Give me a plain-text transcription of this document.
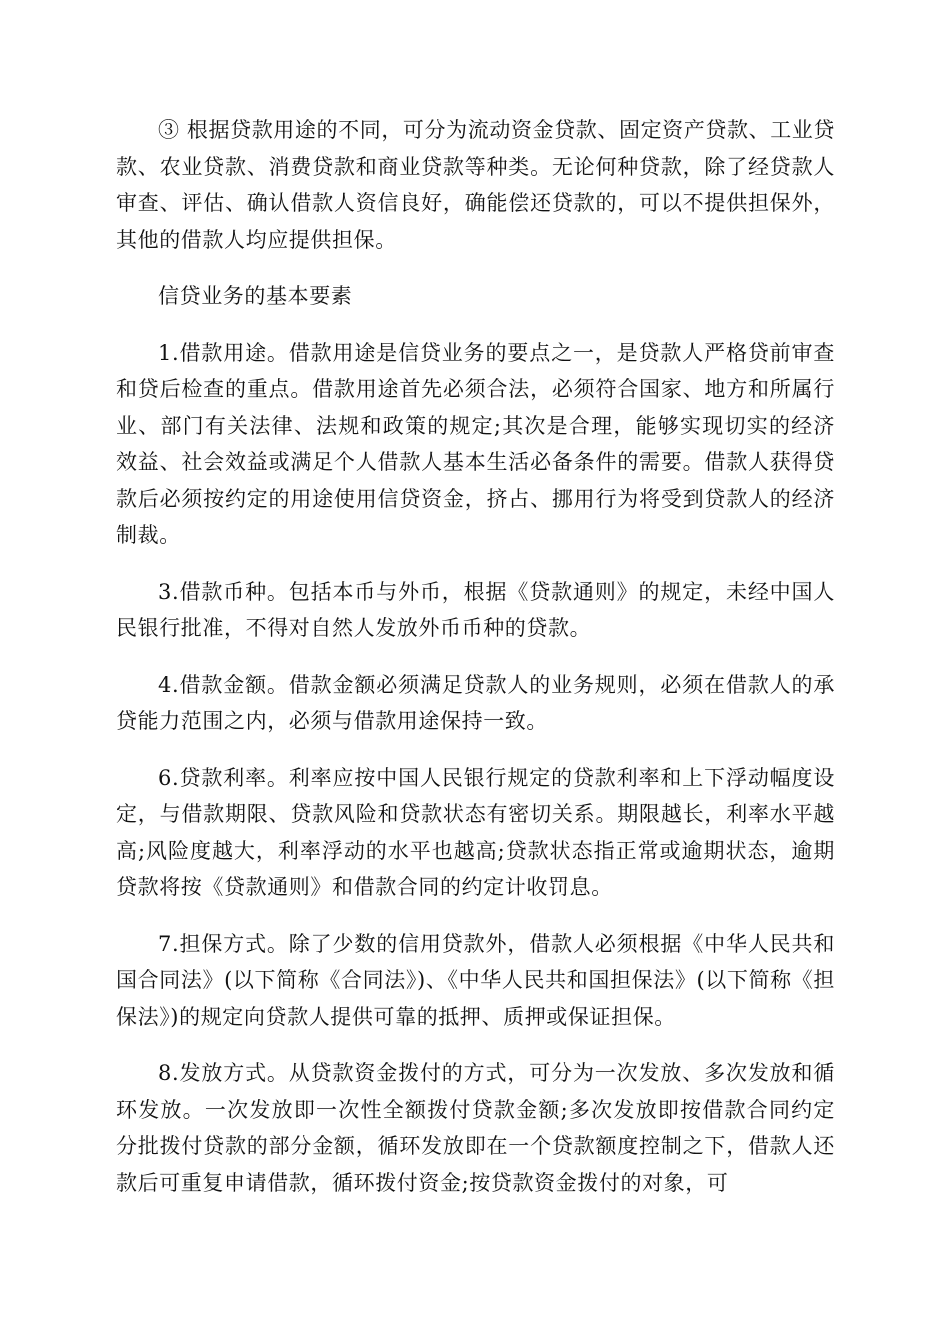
③ 根据贷款用途的不同，可分为流动资金贷款、固定资产贷款、工业贷款、农业贷款、消费贷款和商业贷款等种类。无论何种贷款，除了经贷款人审查、评估、确认借款人资信良好，确能偿还贷款的，可以不提供担保外，其他的借款人均应提供担保。

信贷业务的基本要素

1.借款用途。借款用途是信贷业务的要点之一，是贷款人严格贷前审查和贷后检查的重点。借款用途首先必须合法，必须符合国家、地方和所属行业、部门有关法律、法规和政策的规定;其次是合理，能够实现切实的经济效益、社会效益或满足个人借款人基本生活必备条件的需要。借款人获得贷款后必须按约定的用途使用信贷资金，挤占、挪用行为将受到贷款人的经济制裁。

3.借款币种。包括本币与外币，根据《贷款通则》的规定，未经中国人民银行批准，不得对自然人发放外币币种的贷款。

4.借款金额。借款金额必须满足贷款人的业务规则，必须在借款人的承贷能力范围之内，必须与借款用途保持一致。

6.贷款利率。利率应按中国人民银行规定的贷款利率和上下浮动幅度设定，与借款期限、贷款风险和贷款状态有密切关系。期限越长，利率水平越高;风险度越大，利率浮动的水平也越高;贷款状态指正常或逾期状态，逾期贷款将按《贷款通则》和借款合同的约定计收罚息。

7.担保方式。除了少数的信用贷款外，借款人必须根据《中华人民共和国合同法》(以下简称《合同法》)、《中华人民共和国担保法》(以下简称《担保法》)的规定向贷款人提供可靠的抵押、质押或保证担保。

8.发放方式。从贷款资金拨付的方式，可分为一次发放、多次发放和循环发放。一次发放即一次性全额拨付贷款金额;多次发放即按借款合同约定分批拨付贷款的部分金额，循环发放即在一个贷款额度控制之下，借款人还款后可重复申请借款，循环拨付资金;按贷款资金拨付的对象，可
